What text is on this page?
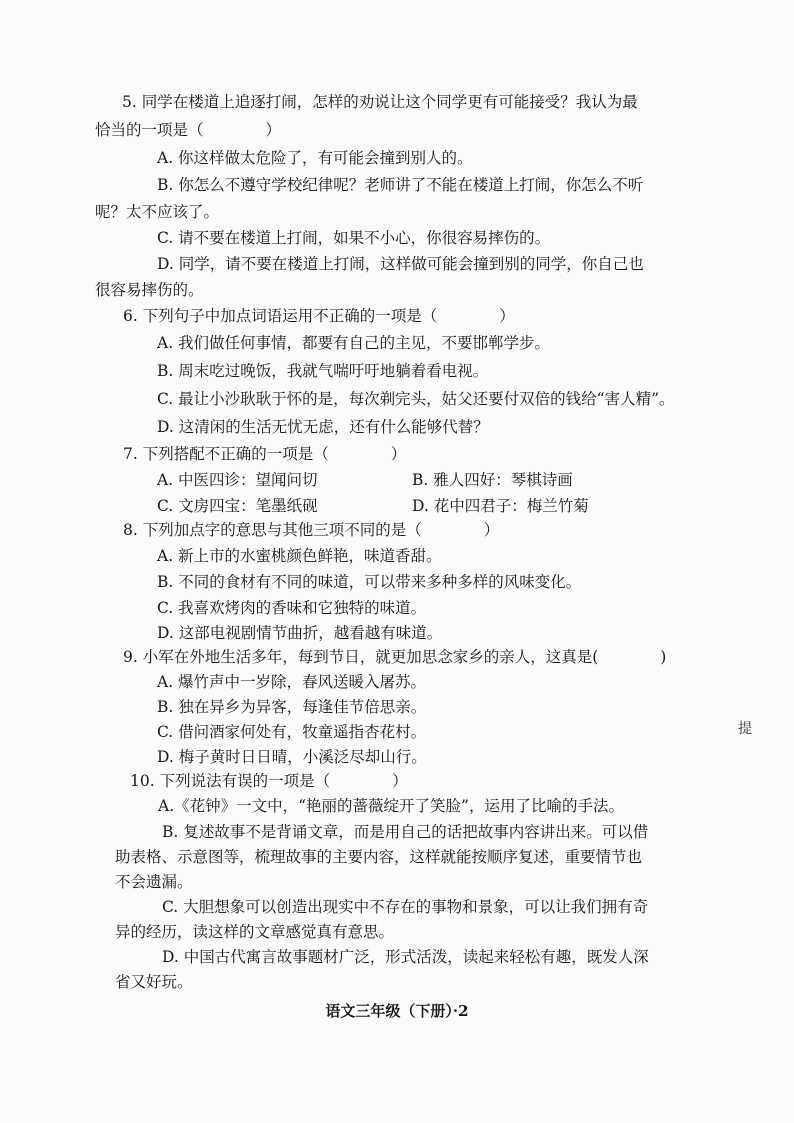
5. 同学在楼道上追逐打闹，怎样的劝说让这个同学更有可能接受？我认为最
恰当的一项是（　　　　）
A. 你这样做太危险了，有可能会撞到别人的。
B. 你怎么不遵守学校纪律呢？老师讲了不能在楼道上打闹，你怎么不听
呢？太不应该了。
C. 请不要在楼道上打闹，如果不小心，你很容易摔伤的。
D. 同学，请不要在楼道上打闹，这样做可能会撞到别的同学，你自己也
很容易摔伤的。
6. 下列句子中加点词语运用不正确的一项是（　　　　）
A. 我们做任何事情，都要有自己的主见，不要邯郸学步。
B. 周末吃过晚饭，我就气喘吁吁地躺着看电视。
C. 最让小沙耿耿于怀的是，每次剃完头，姑父还要付双倍的钱给“害人精”。
D. 这清闲的生活无忧无虑，还有什么能够代替？
7. 下列搭配不正确的一项是（　　　　）
A. 中医四诊：望闻问切	B. 雅人四好：琴棋诗画
C. 文房四宝：笔墨纸砚	D. 花中四君子：梅兰竹菊
8. 下列加点字的意思与其他三项不同的是（　　　　）
A. 新上市的水蜜桃颜色鲜艳，味道香甜。
B. 不同的食材有不同的味道，可以带来多种多样的风味变化。
C. 我喜欢烤肉的香味和它独特的味道。
D. 这部电视剧情节曲折，越看越有味道。
9. 小军在外地生活多年，每到节日，就更加思念家乡的亲人，这真是(　　　　)
A. 爆竹声中一岁除，春风送暖入屠苏。
B. 独在异乡为异客，每逢佳节倍思亲。
C. 借问酒家何处有，牧童遥指杏花村。
D. 梅子黄时日日晴，小溪泛尽却山行。
10. 下列说法有误的一项是（　　　　）
A.《花钟》一文中，“艳丽的蔷薇绽开了笑脸”，运用了比喻的手法。
B. 复述故事不是背诵文章，而是用自己的话把故事内容讲出来。可以借
助表格、示意图等，梳理故事的主要内容，这样就能按顺序复述，重要情节也
不会遗漏。
C. 大胆想象可以创造出现实中不存在的事物和景象，可以让我们拥有奇
异的经历，读这样的文章感觉真有意思。
D. 中国古代寓言故事题材广泛，形式活泼，读起来轻松有趣，既发人深
省又好玩。
语文三年级（下册）·2
提
